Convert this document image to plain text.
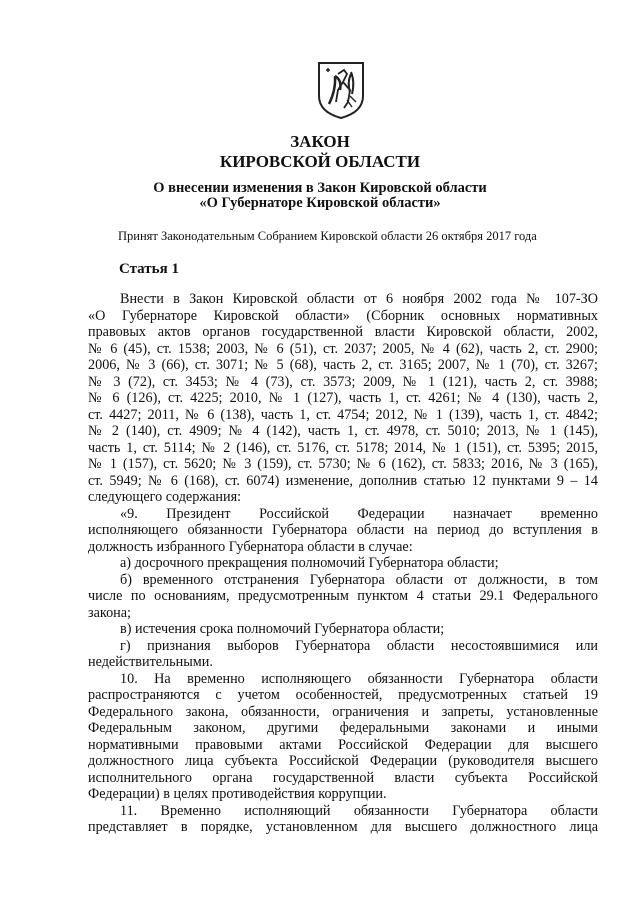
ЗАКОН
КИРОВСКОЙ ОБЛАСТИ
О внесении изменения в Закон Кировской области
«О Губернаторе Кировской области»
Принят Законодательным Собранием Кировской области 26 октября 2017 года
Статья 1
Внести в Закон Кировской области от 6 ноября 2002 года № 107-ЗО
«О Губернаторе Кировской области» (Сборник основных нормативных
правовых актов органов государственной власти Кировской области, 2002,
№ 6 (45), ст. 1538; 2003, № 6 (51), ст. 2037; 2005, № 4 (62), часть 2, ст. 2900;
2006, № 3 (66), ст. 3071; № 5 (68), часть 2, ст. 3165; 2007, № 1 (70), ст. 3267;
№ 3 (72), ст. 3453; № 4 (73), ст. 3573; 2009, № 1 (121), часть 2, ст. 3988;
№ 6 (126), ст. 4225; 2010, № 1 (127), часть 1, ст. 4261; № 4 (130), часть 2,
ст. 4427; 2011, № 6 (138), часть 1, ст. 4754; 2012, № 1 (139), часть 1, ст. 4842;
№ 2 (140), ст. 4909; № 4 (142), часть 1, ст. 4978, ст. 5010; 2013, № 1 (145),
часть 1, ст. 5114; № 2 (146), ст. 5176, ст. 5178; 2014, № 1 (151), ст. 5395; 2015,
№ 1 (157), ст. 5620; № 3 (159), ст. 5730; № 6 (162), ст. 5833; 2016, № 3 (165),
ст. 5949; № 6 (168), ст. 6074) изменение, дополнив статью 12 пунктами 9 – 14
следующего содержания:
«9. Президент Российской Федерации назначает временно
исполняющего обязанности Губернатора области на период до вступления в
должность избранного Губернатора области в случае:
а) досрочного прекращения полномочий Губернатора области;
б) временного отстранения Губернатора области от должности, в том
числе по основаниям, предусмотренным пунктом 4 статьи 29.1 Федерального
закона;
в) истечения срока полномочий Губернатора области;
г) признания выборов Губернатора области несостоявшимися или
недействительными.
10. На временно исполняющего обязанности Губернатора области
распространяются с учетом особенностей, предусмотренных статьей 19
Федерального закона, обязанности, ограничения и запреты, установленные
Федеральным законом, другими федеральными законами и иными
нормативными правовыми актами Российской Федерации для высшего
должностного лица субъекта Российской Федерации (руководителя высшего
исполнительного органа государственной власти субъекта Российской
Федерации) в целях противодействия коррупции.
11. Временно исполняющий обязанности Губернатора области
представляет в порядке, установленном для высшего должностного лица
